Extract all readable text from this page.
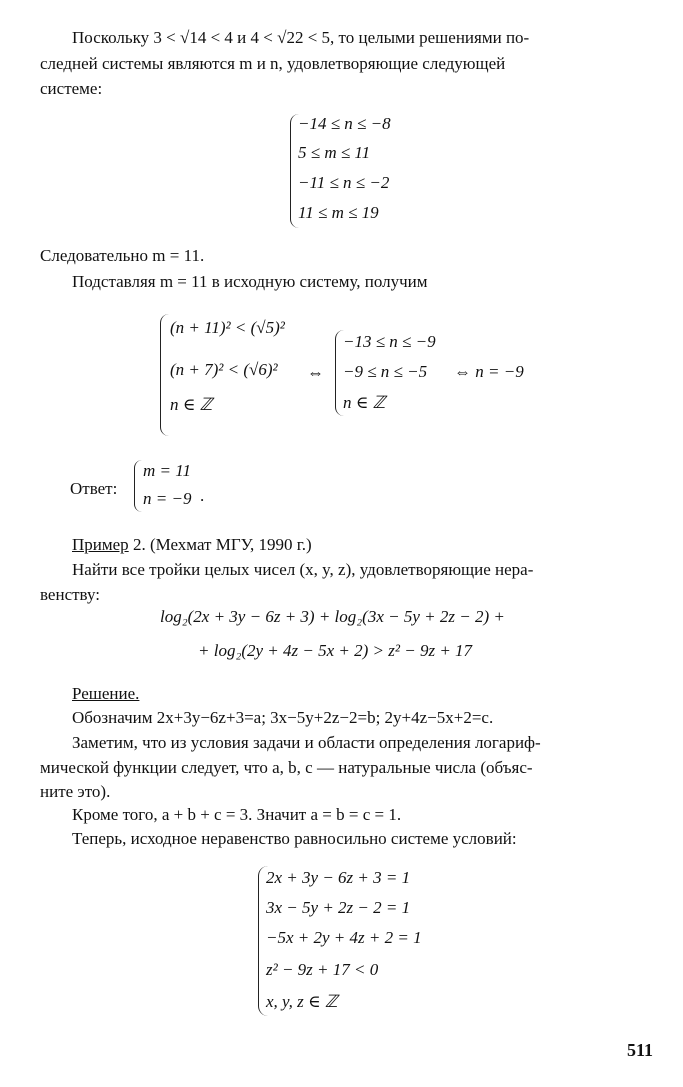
Поскольку 3 < √14 < 4 и 4 < √22 < 5, то целыми решениями по-
следней системы являются m и n, удовлетворяющие следующей
системе:
−14 ≤ n ≤ −8
5 ≤ m ≤ 11
−11 ≤ n ≤ −2
11 ≤ m ≤ 19
Следовательно m = 11.
Подставляя m = 11 в исходную систему, получим
(n + 11)² < (√5)²
(n + 7)² < (√6)²
n ∈ ℤ
⇔
−13 ≤ n ≤ −9
−9 ≤ n ≤ −5
n ∈ ℤ
⇔ n = −9
Ответ:
m = 11
n = −9 .
Пример 2. (Мехмат МГУ, 1990 г.)
Найти все тройки целых чисел (x, y, z), удовлетворяющие нера-
венству:
log₂(2x + 3y − 6z + 3) + log₂(3x − 5y + 2z − 2) +
+ log₂(2y + 4z − 5x + 2) > z² − 9z + 17
Решение.
Обозначим 2x+3y−6z+3=a; 3x−5y+2z−2=b; 2y+4z−5x+2=c.
Заметим, что из условия задачи и области определения логариф-
мической функции следует, что a, b, c — натуральные числа (объяс-
ните это).
Кроме того, a + b + c = 3. Значит a = b = c = 1.
Теперь, исходное неравенство равносильно системе условий:
2x + 3y − 6z + 3 = 1
3x − 5y + 2z − 2 = 1
−5x + 2y + 4z + 2 = 1
z² − 9z + 17 < 0
x, y, z ∈ ℤ
511
